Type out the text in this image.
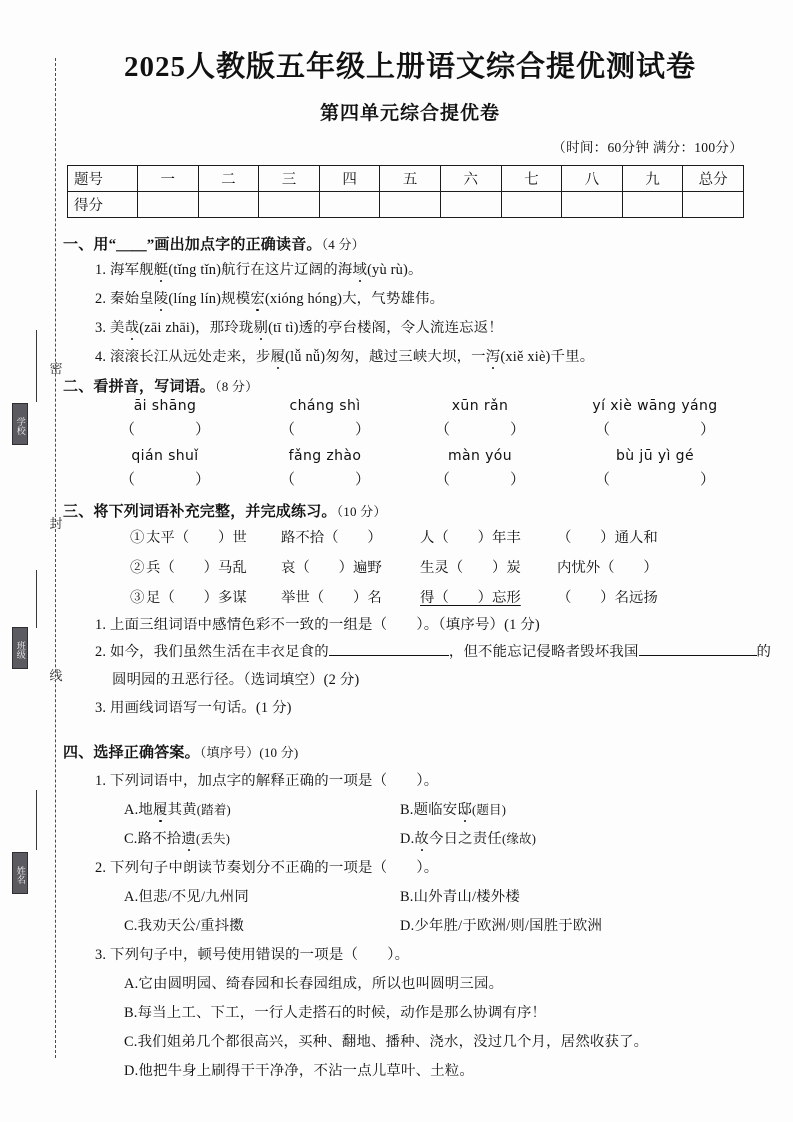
密
封
线
学校
班级
姓名
2025人教版五年级上册语文综合提优测试卷
第四单元综合提优卷
（时间：60分钟 满分：100分）
题号	一	二	三	四	五	六	七	八	九	总分
得分										
一、用“＿＿”画出加点字的正确读音。（4 分）
1. 海军舰艇(tǐng tǐn)航行在这片辽阔的海域(yù rù)。
2. 秦始皇陵(líng lín)规模宏(xióng hóng)大，气势雄伟。
3. 美哉(zāi zhāi)，那玲珑剔(tī tì)透的亭台楼阁，令人流连忘返！
4. 滚滚长江从远处走来，步履(lǚ nǚ)匆匆，越过三峡大坝，一泻(xiě xiè)千里。
二、看拼音，写词语。（8 分）
āi shāng
（　　　　）
cháng shì
（　　　　）
xūn rǎn
（　　　　）
yí xiè wāng yáng
（　　　　　　）
qián shuǐ
（　　　　）
fǎng zhào
（　　　　）
màn yóu
（　　　　）
bù jū yì gé
（　　　　　　）
三、将下列词语补充完整，并完成练习。（10 分）
① 太平（　　）世 路不拾（　　）	人（　　）年丰	（　　）通人和
② 兵（　　）马乱 哀（　　）遍野	生灵（　　）炭	内忧外（　　）
③ 足（　　）多谋 举世（　　）名	得（　　）忘形	（　　）名远扬
1. 上面三组词语中感情色彩不一致的一组是（　　）。（填序号）(1 分)
2. 如今，我们虽然生活在丰衣足食的	，但不能忘记侵略者毁坏我国	的
圆明园的丑恶行径。（选词填空）(2 分)
3. 用画线词语写一句话。(1 分)
四、选择正确答案。（填序号）(10 分)
1. 下列词语中，加点字的解释正确的一项是（　　）。
A.地履其黄(踏着)	B.题临安邸(题目)
C.路不拾遗(丢失)	D.故今日之责任(缘故)
2. 下列句子中朗读节奏划分不正确的一项是（　　）。
A.但悲/不见/九州同	B.山外青山/楼外楼
C.我劝天公/重抖擞	D.少年胜/于欧洲/则/国胜于欧洲
3. 下列句子中，顿号使用错误的一项是（　　）。
A.它由圆明园、绮春园和长春园组成，所以也叫圆明三园。
B.每当上工、下工，一行人走搭石的时候，动作是那么协调有序！
C.我们姐弟几个都很高兴，买种、翻地、播种、浇水，没过几个月，居然收获了。
D.他把牛身上刷得干干净净，不沾一点儿草叶、土粒。
